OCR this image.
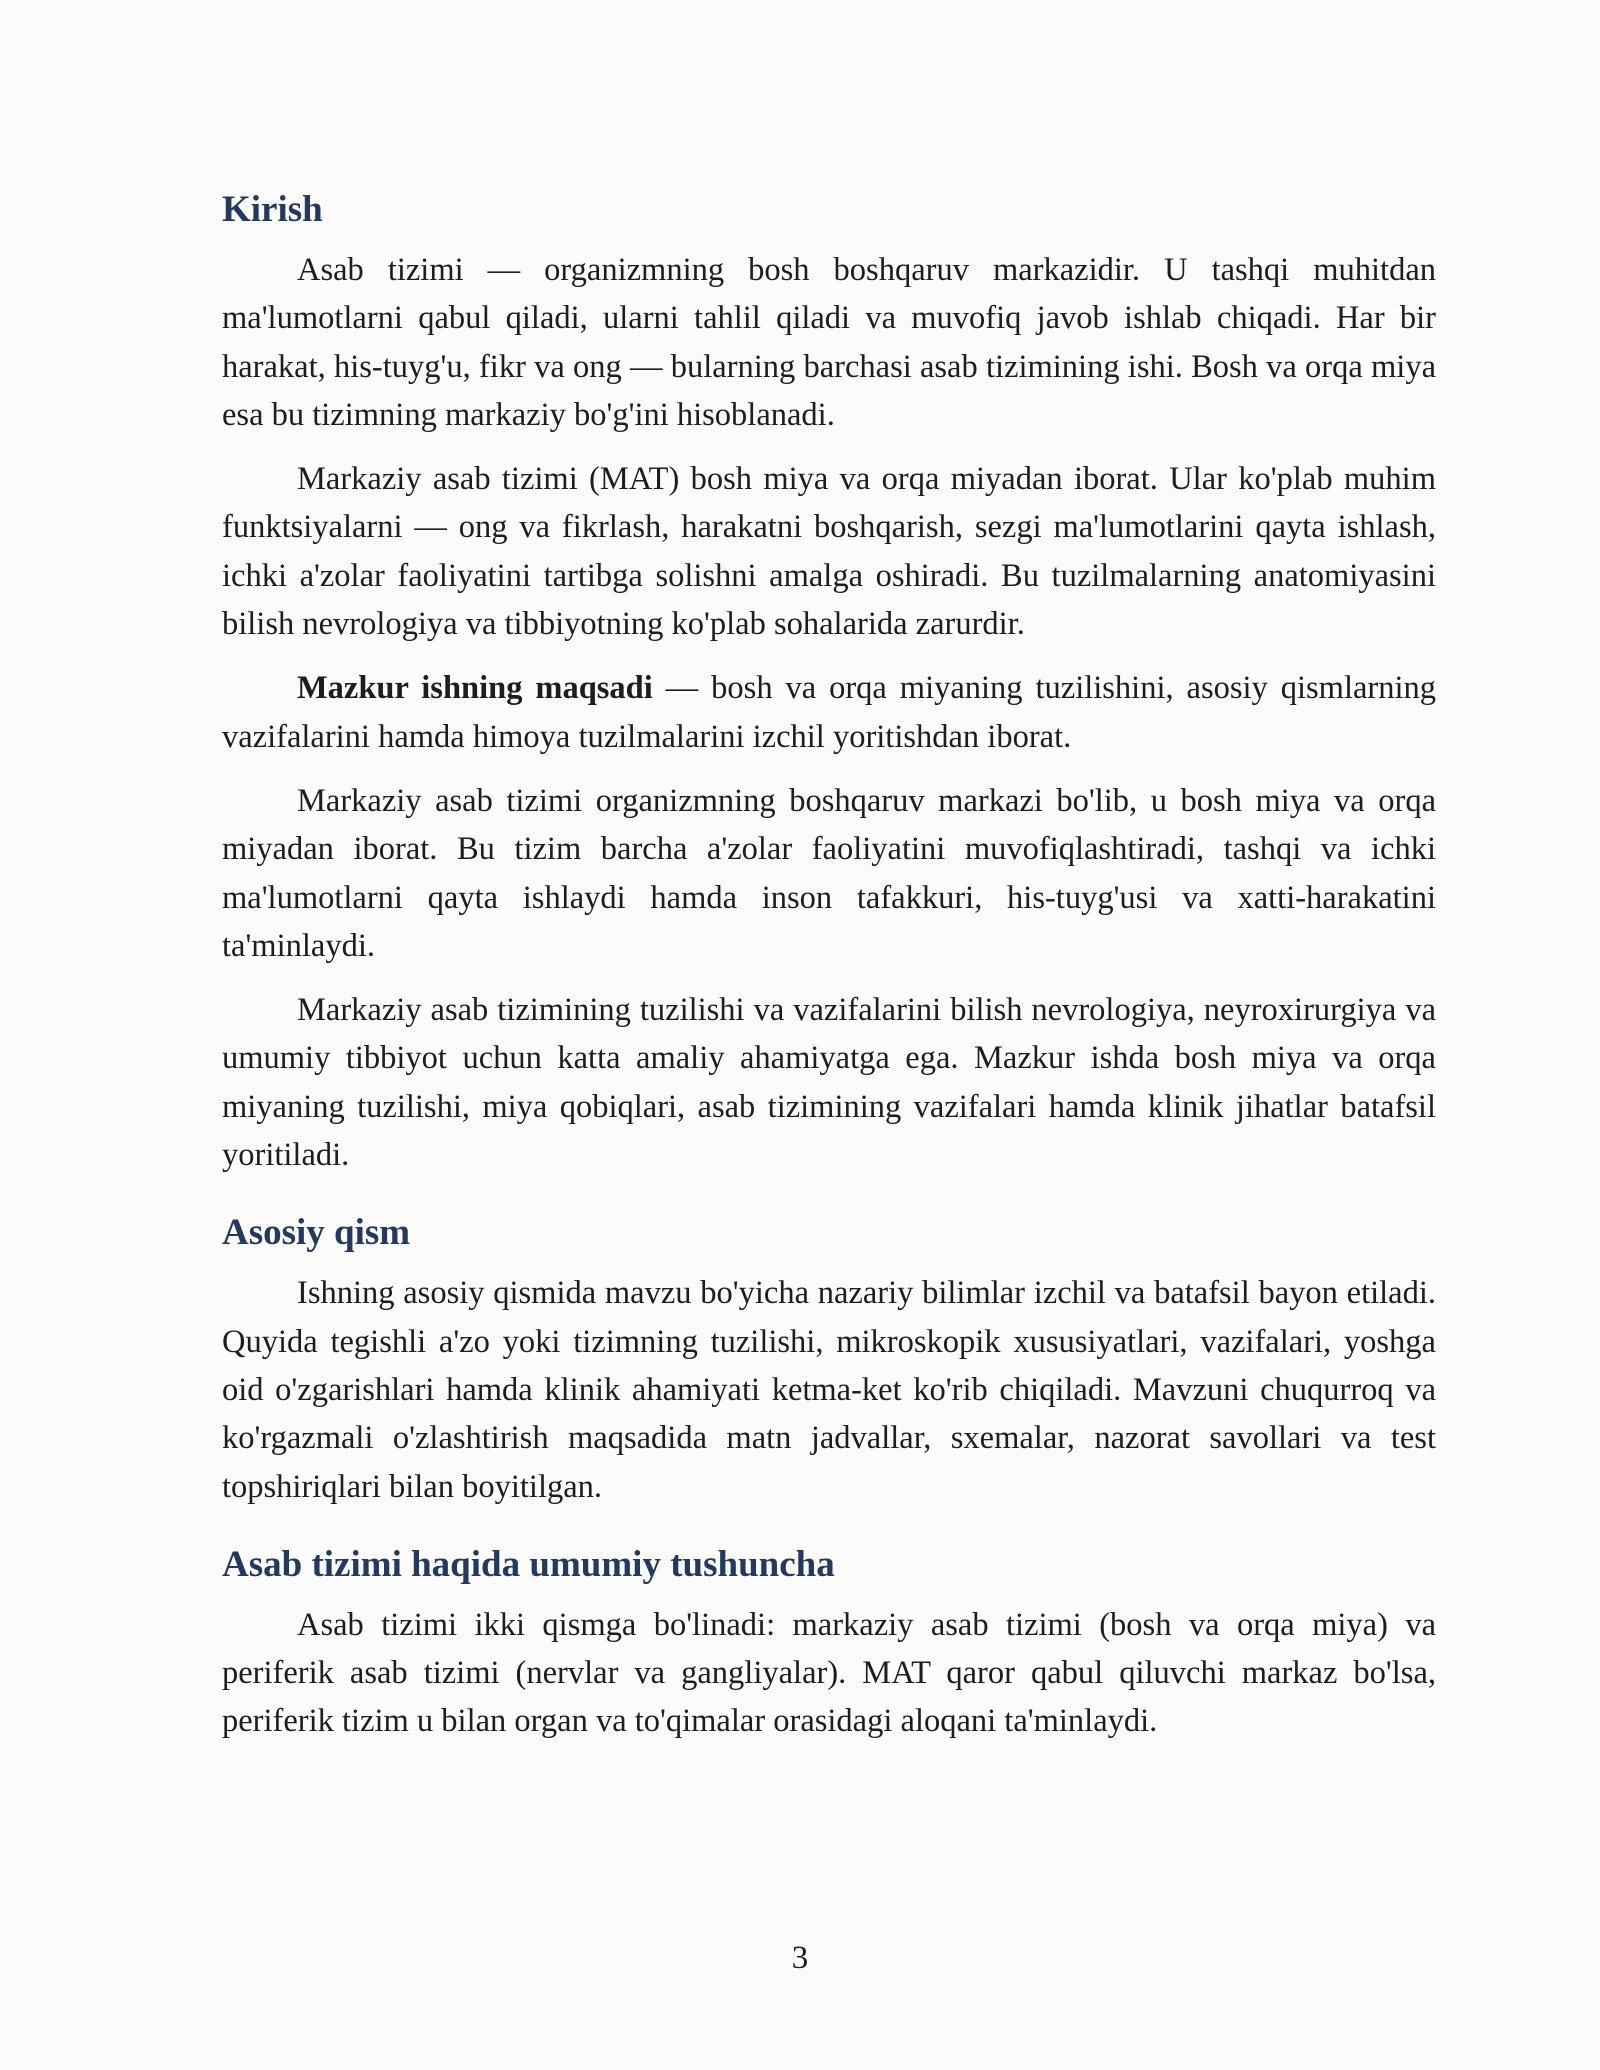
Kirish

Asab tizimi — organizmning bosh boshqaruv markazidir. U tashqi muhitdan ma'lumotlarni qabul qiladi, ularni tahlil qiladi va muvofiq javob ishlab chiqadi. Har bir harakat, his-tuyg'u, fikr va ong — bularning barchasi asab tizimining ishi. Bosh va orqa miya esa bu tizimning markaziy bo'g'ini hisoblanadi.

Markaziy asab tizimi (MAT) bosh miya va orqa miyadan iborat. Ular ko'plab muhim funktsiyalarni — ong va fikrlash, harakatni boshqarish, sezgi ma'lumotlarini qayta ishlash, ichki a'zolar faoliyatini tartibga solishni amalga oshiradi. Bu tuzilmalarning anatomiyasini bilish nevrologiya va tibbiyotning ko'plab sohalarida zarurdir.

Mazkur ishning maqsadi — bosh va orqa miyaning tuzilishini, asosiy qismlarning vazifalarini hamda himoya tuzilmalarini izchil yoritishdan iborat.

Markaziy asab tizimi organizmning boshqaruv markazi bo'lib, u bosh miya va orqa miyadan iborat. Bu tizim barcha a'zolar faoliyatini muvofiqlashtiradi, tashqi va ichki ma'lumotlarni qayta ishlaydi hamda inson tafakkuri, his-tuyg'usi va xatti-harakatini ta'minlaydi.

Markaziy asab tizimining tuzilishi va vazifalarini bilish nevrologiya, neyroxirurgiya va umumiy tibbiyot uchun katta amaliy ahamiyatga ega. Mazkur ishda bosh miya va orqa miyaning tuzilishi, miya qobiqlari, asab tizimining vazifalari hamda klinik jihatlar batafsil yoritiladi.

Asosiy qism

Ishning asosiy qismida mavzu bo'yicha nazariy bilimlar izchil va batafsil bayon etiladi. Quyida tegishli a'zo yoki tizimning tuzilishi, mikroskopik xususiyatlari, vazifalari, yoshga oid o'zgarishlari hamda klinik ahamiyati ketma-ket ko'rib chiqiladi. Mavzuni chuqurroq va ko'rgazmali o'zlashtirish maqsadida matn jadvallar, sxemalar, nazorat savollari va test topshiriqlari bilan boyitilgan.

Asab tizimi haqida umumiy tushuncha

Asab tizimi ikki qismga bo'linadi: markaziy asab tizimi (bosh va orqa miya) va periferik asab tizimi (nervlar va gangliyalar). MAT qaror qabul qiluvchi markaz bo'lsa, periferik tizim u bilan organ va to'qimalar orasidagi aloqani ta'minlaydi.

3
